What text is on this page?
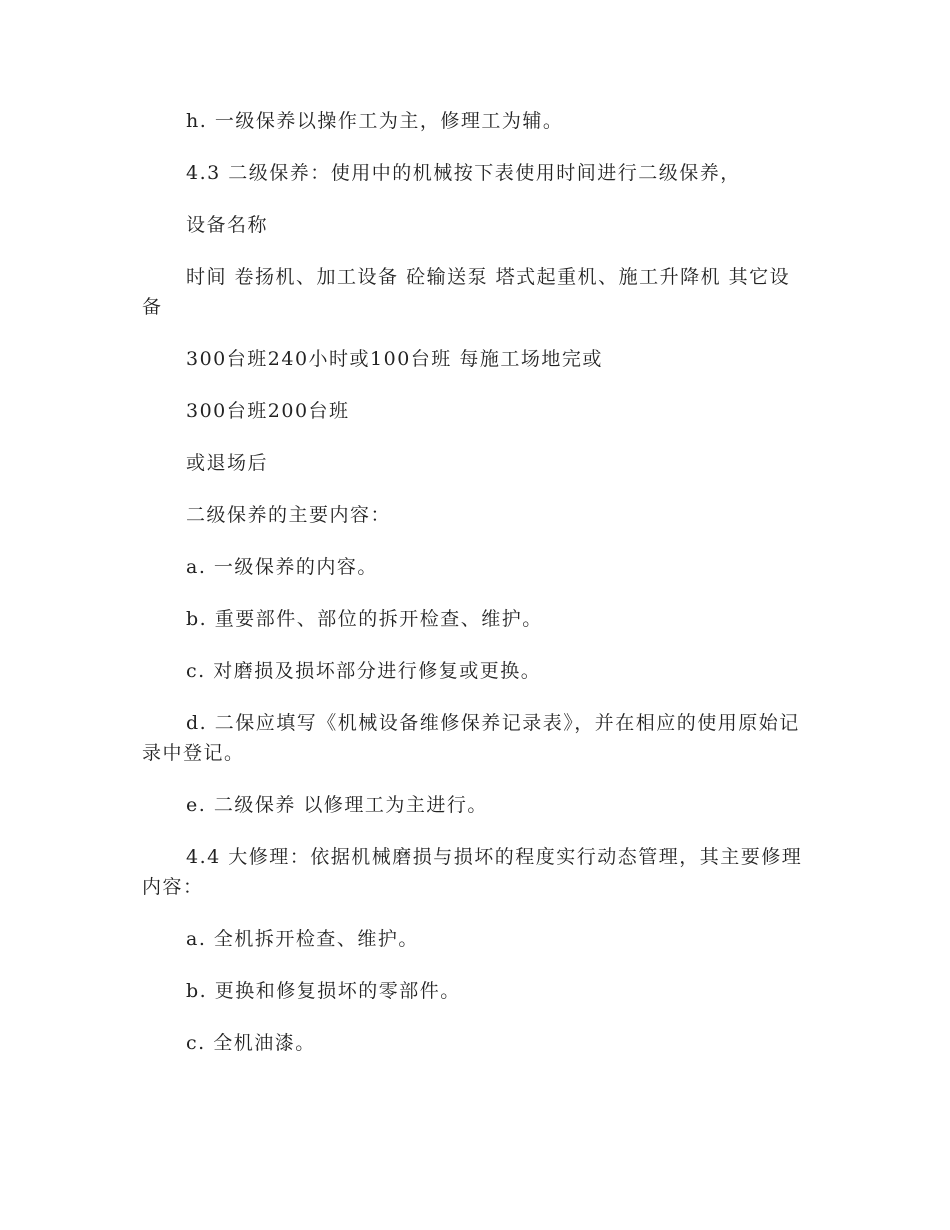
h. 一级保养以操作工为主，修理工为辅。

4.3 二级保养：使用中的机械按下表使用时间进行二级保养，

设备名称

时间 卷扬机、加工设备 砼输送泵 塔式起重机、施工升降机 其它设备

300台班240小时或100台班 每施工场地完或

300台班200台班

或退场后

二级保养的主要内容：

a. 一级保养的内容。

b. 重要部件、部位的拆开检查、维护。

c. 对磨损及损坏部分进行修复或更换。

d. 二保应填写《机械设备维修保养记录表》，并在相应的使用原始记录中登记。

e. 二级保养 以修理工为主进行。

4.4 大修理：依据机械磨损与损坏的程度实行动态管理，其主要修理内容：

a. 全机拆开检查、维护。

b. 更换和修复损坏的零部件。

c. 全机油漆。
